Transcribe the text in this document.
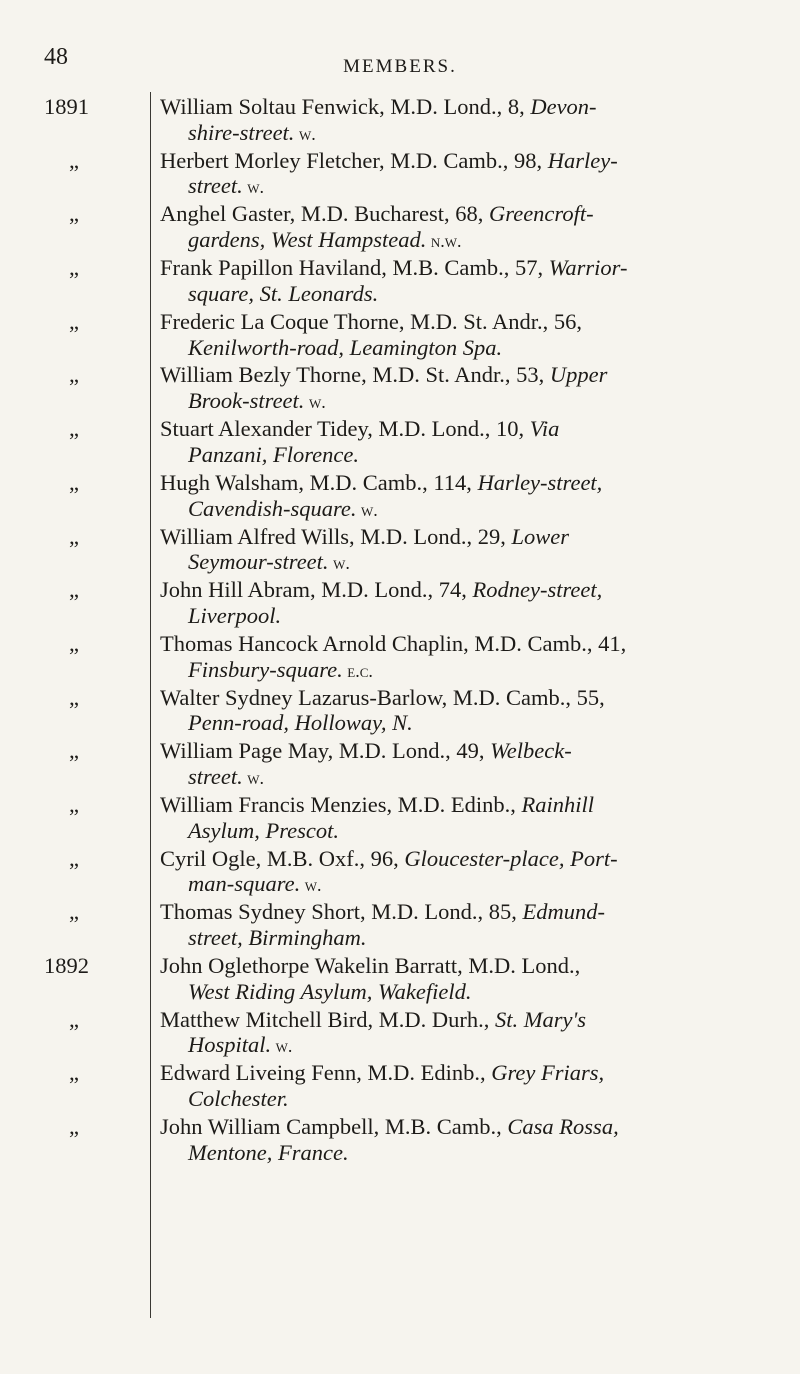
48	MEMBERS.
1891	William Soltau Fenwick, M.D. Lond., 8, Devon-
shire-street. w.
„	Herbert Morley Fletcher, M.D. Camb., 98, Harley-
street. w.
„	Anghel Gaster, M.D. Bucharest, 68, Greencroft-
gardens, West Hampstead. n.w.
„	Frank Papillon Haviland, M.B. Camb., 57, Warrior-
square, St. Leonards.
„	Frederic La Coque Thorne, M.D. St. Andr., 56,
Kenilworth-road, Leamington Spa.
„	William Bezly Thorne, M.D. St. Andr., 53, Upper
Brook-street. w.
„	Stuart Alexander Tidey, M.D. Lond., 10, Via
Panzani, Florence.
„	Hugh Walsham, M.D. Camb., 114, Harley-street,
Cavendish-square. w.
„	William Alfred Wills, M.D. Lond., 29, Lower
Seymour-street. w.
„	John Hill Abram, M.D. Lond., 74, Rodney-street,
Liverpool.
„	Thomas Hancock Arnold Chaplin, M.D. Camb., 41,
Finsbury-square. e.c.
„	Walter Sydney Lazarus-Barlow, M.D. Camb., 55,
Penn-road, Holloway, N.
„	William Page May, M.D. Lond., 49, Welbeck-
street. w.
„	William Francis Menzies, M.D. Edinb., Rainhill
Asylum, Prescot.
„	Cyril Ogle, M.B. Oxf., 96, Gloucester-place, Port-
man-square. w.
„	Thomas Sydney Short, M.D. Lond., 85, Edmund-
street, Birmingham.
1892	John Oglethorpe Wakelin Barratt, M.D. Lond.,
West Riding Asylum, Wakefield.
„	Matthew Mitchell Bird, M.D. Durh., St. Mary's
Hospital. w.
„	Edward Liveing Fenn, M.D. Edinb., Grey Friars,
Colchester.
„	John William Campbell, M.B. Camb., Casa Rossa,
Mentone, France.
